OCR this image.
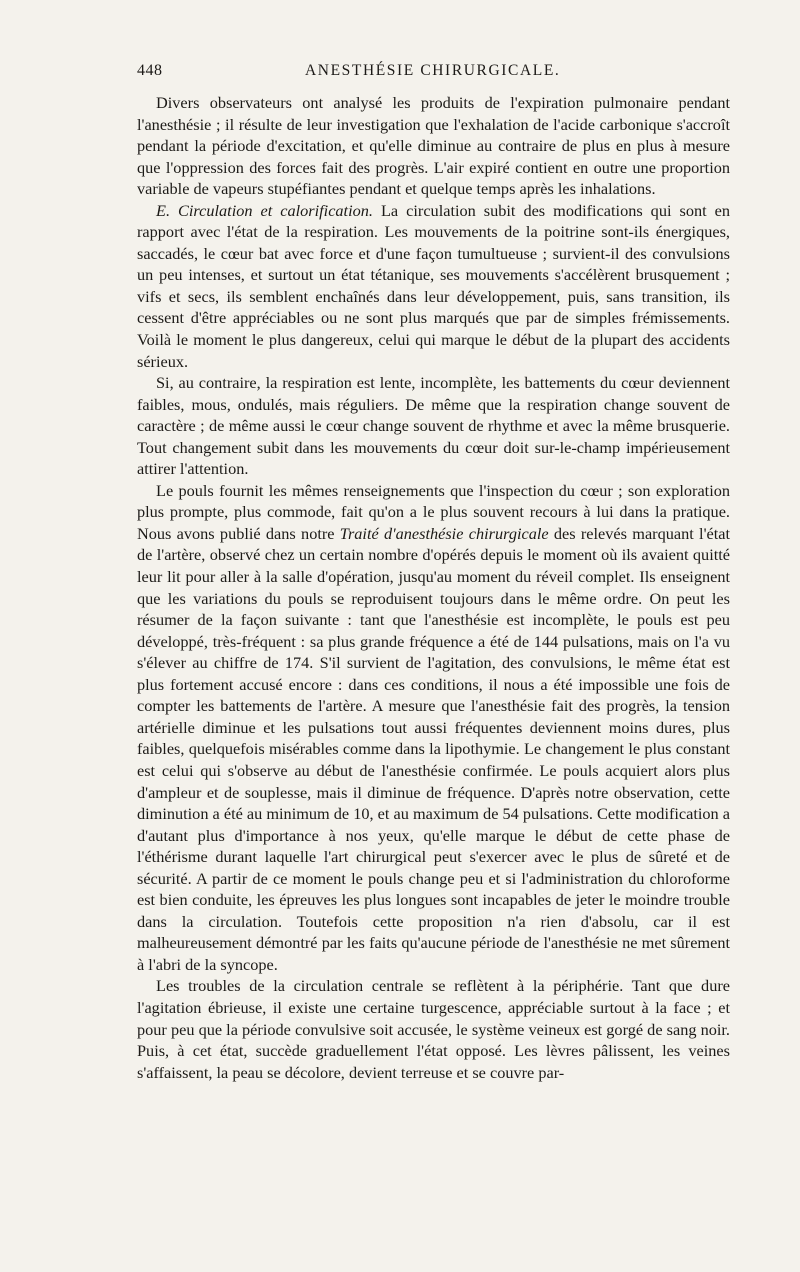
448	ANESTHÉSIE CHIRURGICALE.

Divers observateurs ont analysé les produits de l'expiration pulmonaire pendant l'anesthésie ; il résulte de leur investigation que l'exhalation de l'acide carbonique s'accroît pendant la période d'excitation, et qu'elle diminue au contraire de plus en plus à mesure que l'oppression des forces fait des progrès. L'air expiré contient en outre une proportion variable de vapeurs stupéfiantes pendant et quelque temps après les inhalations.

E. Circulation et calorification. La circulation subit des modifications qui sont en rapport avec l'état de la respiration. Les mouvements de la poitrine sont-ils énergiques, saccadés, le cœur bat avec force et d'une façon tumultueuse ; survient-il des convulsions un peu intenses, et surtout un état tétanique, ses mouvements s'accélèrent brusquement ; vifs et secs, ils semblent enchaînés dans leur développement, puis, sans transition, ils cessent d'être appréciables ou ne sont plus marqués que par de simples frémissements. Voilà le moment le plus dangereux, celui qui marque le début de la plupart des accidents sérieux.

Si, au contraire, la respiration est lente, incomplète, les battements du cœur deviennent faibles, mous, ondulés, mais réguliers. De même que la respiration change souvent de caractère ; de même aussi le cœur change souvent de rhythme et avec la même brusquerie. Tout changement subit dans les mouvements du cœur doit sur-le-champ impérieusement attirer l'attention.

Le pouls fournit les mêmes renseignements que l'inspection du cœur ; son exploration plus prompte, plus commode, fait qu'on a le plus souvent recours à lui dans la pratique. Nous avons publié dans notre Traité d'anesthésie chirurgicale des relevés marquant l'état de l'artère, observé chez un certain nombre d'opérés depuis le moment où ils avaient quitté leur lit pour aller à la salle d'opération, jusqu'au moment du réveil complet. Ils enseignent que les variations du pouls se reproduisent toujours dans le même ordre. On peut les résumer de la façon suivante : tant que l'anesthésie est incomplète, le pouls est peu développé, très-fréquent : sa plus grande fréquence a été de 144 pulsations, mais on l'a vu s'élever au chiffre de 174. S'il survient de l'agitation, des convulsions, le même état est plus fortement accusé encore : dans ces conditions, il nous a été impossible une fois de compter les battements de l'artère. A mesure que l'anesthésie fait des progrès, la tension artérielle diminue et les pulsations tout aussi fréquentes deviennent moins dures, plus faibles, quelquefois misérables comme dans la lipothymie. Le changement le plus constant est celui qui s'observe au début de l'anesthésie confirmée. Le pouls acquiert alors plus d'ampleur et de souplesse, mais il diminue de fréquence. D'après notre observation, cette diminution a été au minimum de 10, et au maximum de 54 pulsations. Cette modification a d'autant plus d'importance à nos yeux, qu'elle marque le début de cette phase de l'éthérisme durant laquelle l'art chirurgical peut s'exercer avec le plus de sûreté et de sécurité. A partir de ce moment le pouls change peu et si l'administration du chloroforme est bien conduite, les épreuves les plus longues sont incapables de jeter le moindre trouble dans la circulation. Toutefois cette proposition n'a rien d'absolu, car il est malheureusement démontré par les faits qu'aucune période de l'anesthésie ne met sûrement à l'abri de la syncope.

Les troubles de la circulation centrale se reflètent à la périphérie. Tant que dure l'agitation ébrieuse, il existe une certaine turgescence, appréciable surtout à la face ; et pour peu que la période convulsive soit accusée, le système veineux est gorgé de sang noir. Puis, à cet état, succède graduellement l'état opposé. Les lèvres pâlissent, les veines s'affaissent, la peau se décolore, devient terreuse et se couvre par-
